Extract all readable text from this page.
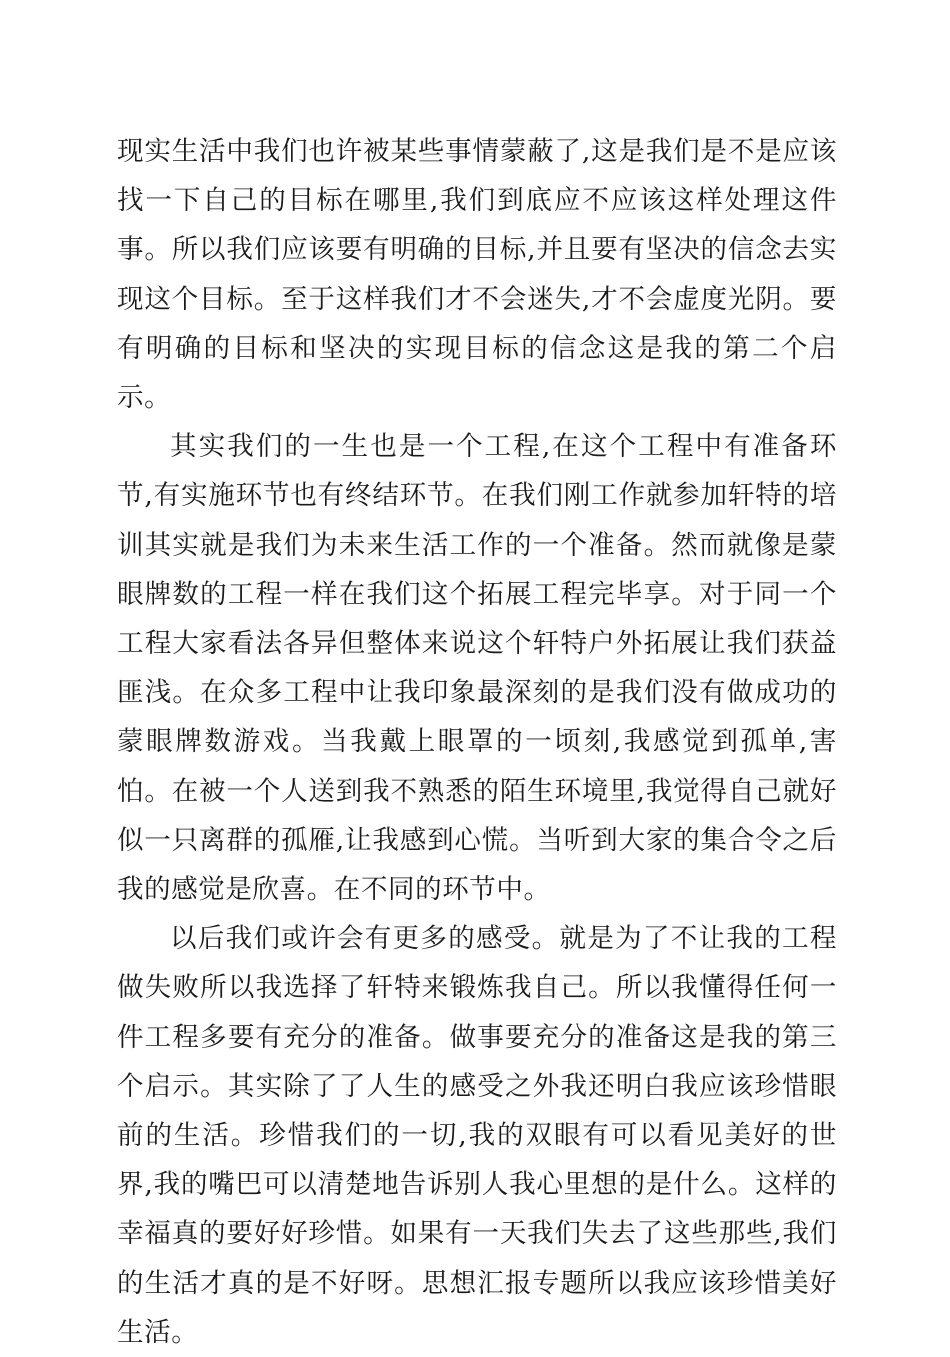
现实生活中我们也许被某些事情蒙蔽了,这是我们是不是应该找一下自己的目标在哪里,我们到底应不应该这样处理这件事。所以我们应该要有明确的目标,并且要有坚决的信念去实现这个目标。至于这样我们才不会迷失,才不会虚度光阴。要有明确的目标和坚决的实现目标的信念这是我的第二个启示。

其实我们的一生也是一个工程,在这个工程中有准备环节,有实施环节也有终结环节。在我们刚工作就参加轩特的培训其实就是我们为未来生活工作的一个准备。然而就像是蒙眼牌数的工程一样在我们这个拓展工程完毕享。对于同一个工程大家看法各异但整体来说这个轩特户外拓展让我们获益匪浅。在众多工程中让我印象最深刻的是我们没有做成功的蒙眼牌数游戏。当我戴上眼罩的一顷刻,我感觉到孤单,害怕。在被一个人送到我不熟悉的陌生环境里,我觉得自己就好似一只离群的孤雁,让我感到心慌。当听到大家的集合令之后我的感觉是欣喜。在不同的环节中。

以后我们或许会有更多的感受。就是为了不让我的工程做失败所以我选择了轩特来锻炼我自己。所以我懂得任何一件工程多要有充分的准备。做事要充分的准备这是我的第三个启示。其实除了了人生的感受之外我还明白我应该珍惜眼前的生活。珍惜我们的一切,我的双眼有可以看见美好的世界,我的嘴巴可以清楚地告诉别人我心里想的是什么。这样的幸福真的要好好珍惜。如果有一天我们失去了这些那些,我们的生活才真的是不好呀。思想汇报专题所以我应该珍惜美好生活。
